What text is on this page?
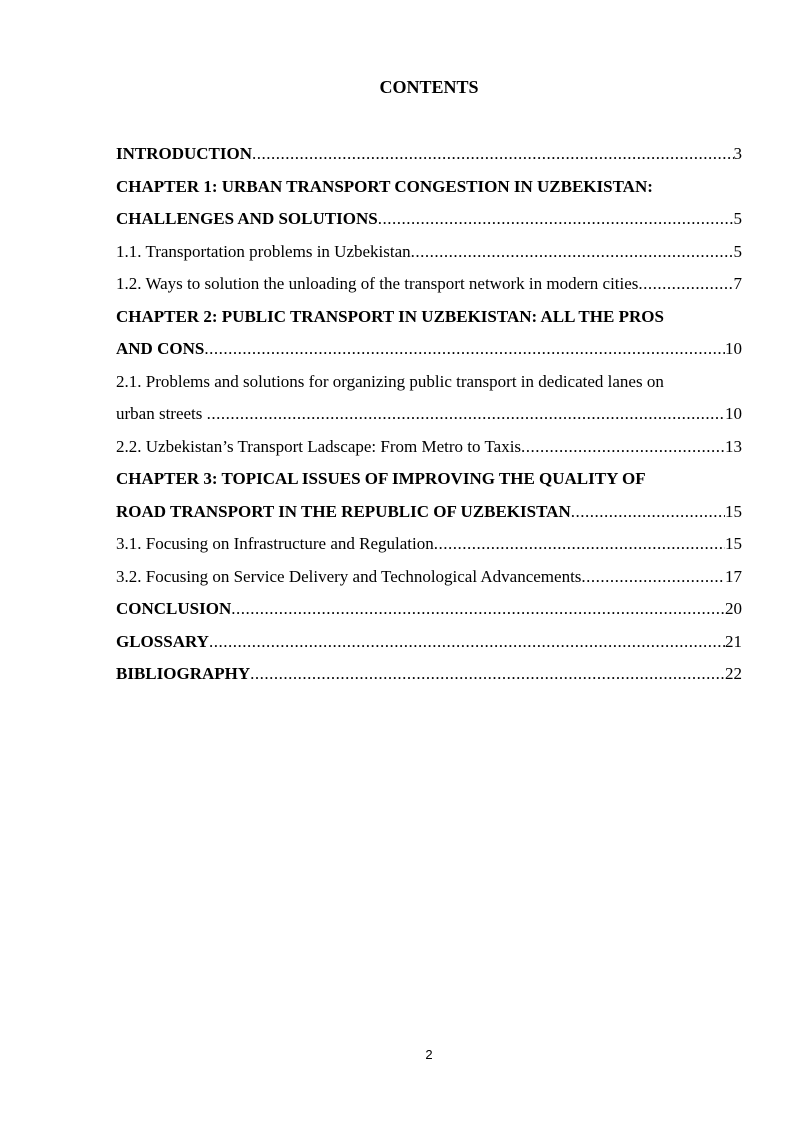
CONTENTS
INTRODUCTION .....	3
CHAPTER 1: URBAN TRANSPORT CONGESTION IN UZBEKISTAN:
CHALLENGES AND SOLUTIONS .....	5
1.1. Transportation problems in Uzbekistan .....	5
1.2. Ways to solution the unloading of the transport network in modern cities .....	7
CHAPTER 2: PUBLIC TRANSPORT IN UZBEKISTAN: ALL THE PROS
AND CONS .....	10
2.1. Problems and solutions for organizing public transport in dedicated lanes on
urban streets .....	10
2.2. Uzbekistan’s Transport Ladscape: From Metro to Taxis .....	13
CHAPTER 3: TOPICAL ISSUES OF IMPROVING THE QUALITY OF
ROAD TRANSPORT IN THE REPUBLIC OF UZBEKISTAN .....	15
3.1. Focusing on Infrastructure and Regulation .....	15
3.2. Focusing on Service Delivery and Technological Advancements .....	17
CONCLUSION .....	20
GLOSSARY .....	21
BIBLIOGRAPHY .....	22
2
